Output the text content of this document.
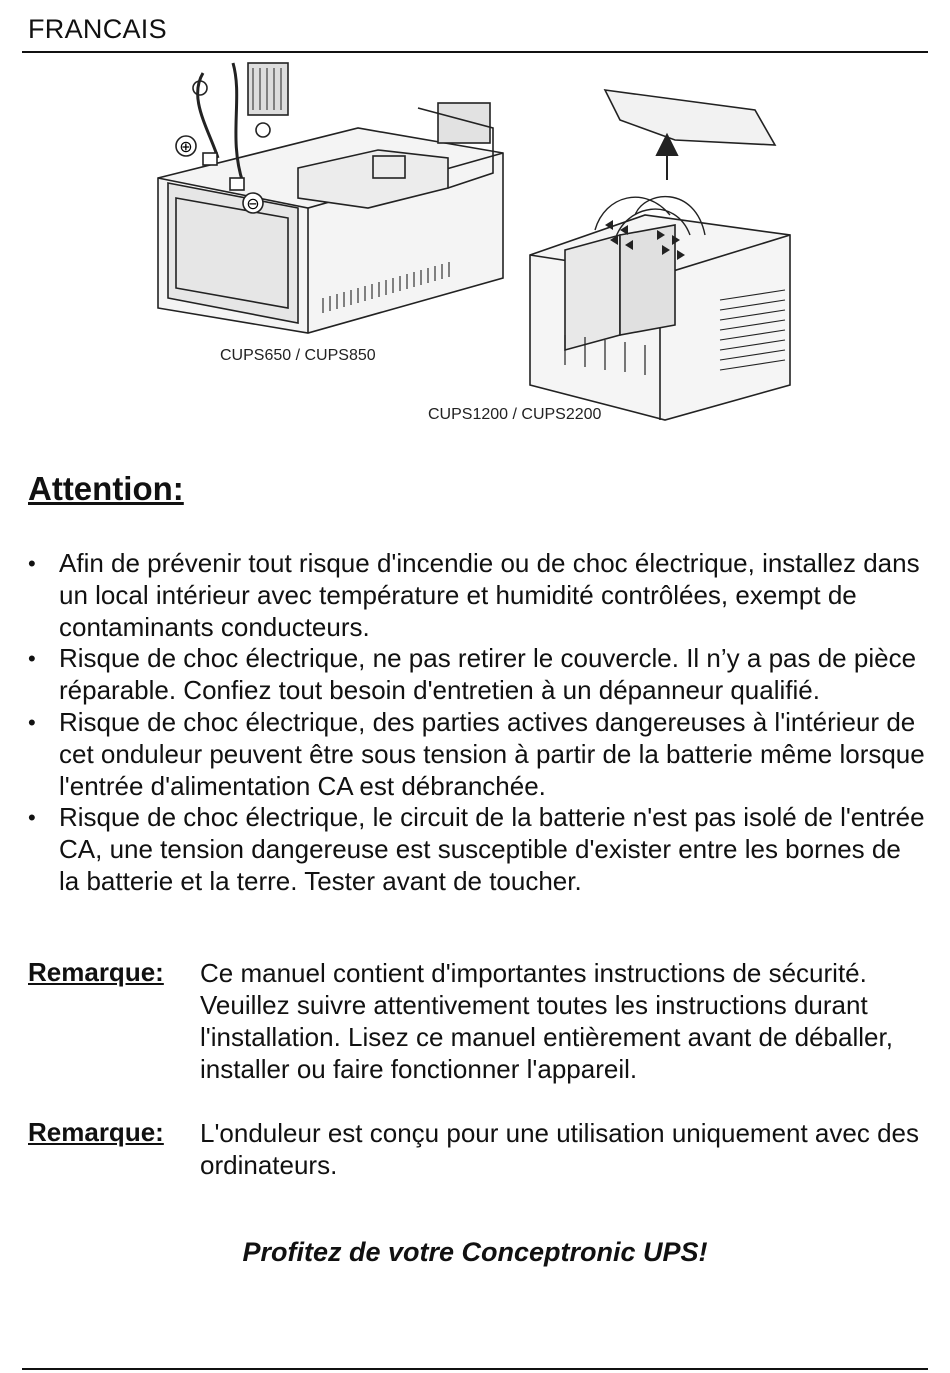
FRANCAIS
⊕
⊖
CUPS650 / CUPS850
CUPS1200 / CUPS2200
Attention:
• Afin de prévenir tout risque d'incendie ou de choc électrique, installez dans un local intérieur avec température et humidité contrôlées, exempt de contaminants conducteurs.
• Risque de choc électrique, ne pas retirer le couvercle. Il n’y a pas de pièce réparable. Confiez tout besoin d'entretien à un dépanneur qualifié.
• Risque de choc électrique, des parties actives dangereuses à l'intérieur de cet onduleur peuvent être sous tension à partir de la batterie même lorsque l'entrée d'alimentation CA est débranchée.
• Risque de choc électrique, le circuit de la batterie n'est pas isolé de l'entrée CA, une tension dangereuse est susceptible d'exister entre les bornes de la batterie et la terre. Tester avant de toucher.
Remarque: Ce manuel contient d'importantes instructions de sécurité. Veuillez suivre attentivement toutes les instructions durant l'installation. Lisez ce manuel entièrement avant de déballer, installer ou faire fonctionner l'appareil.
Remarque: L'onduleur est conçu pour une utilisation uniquement avec des ordinateurs.
Profitez de votre Conceptronic UPS!
